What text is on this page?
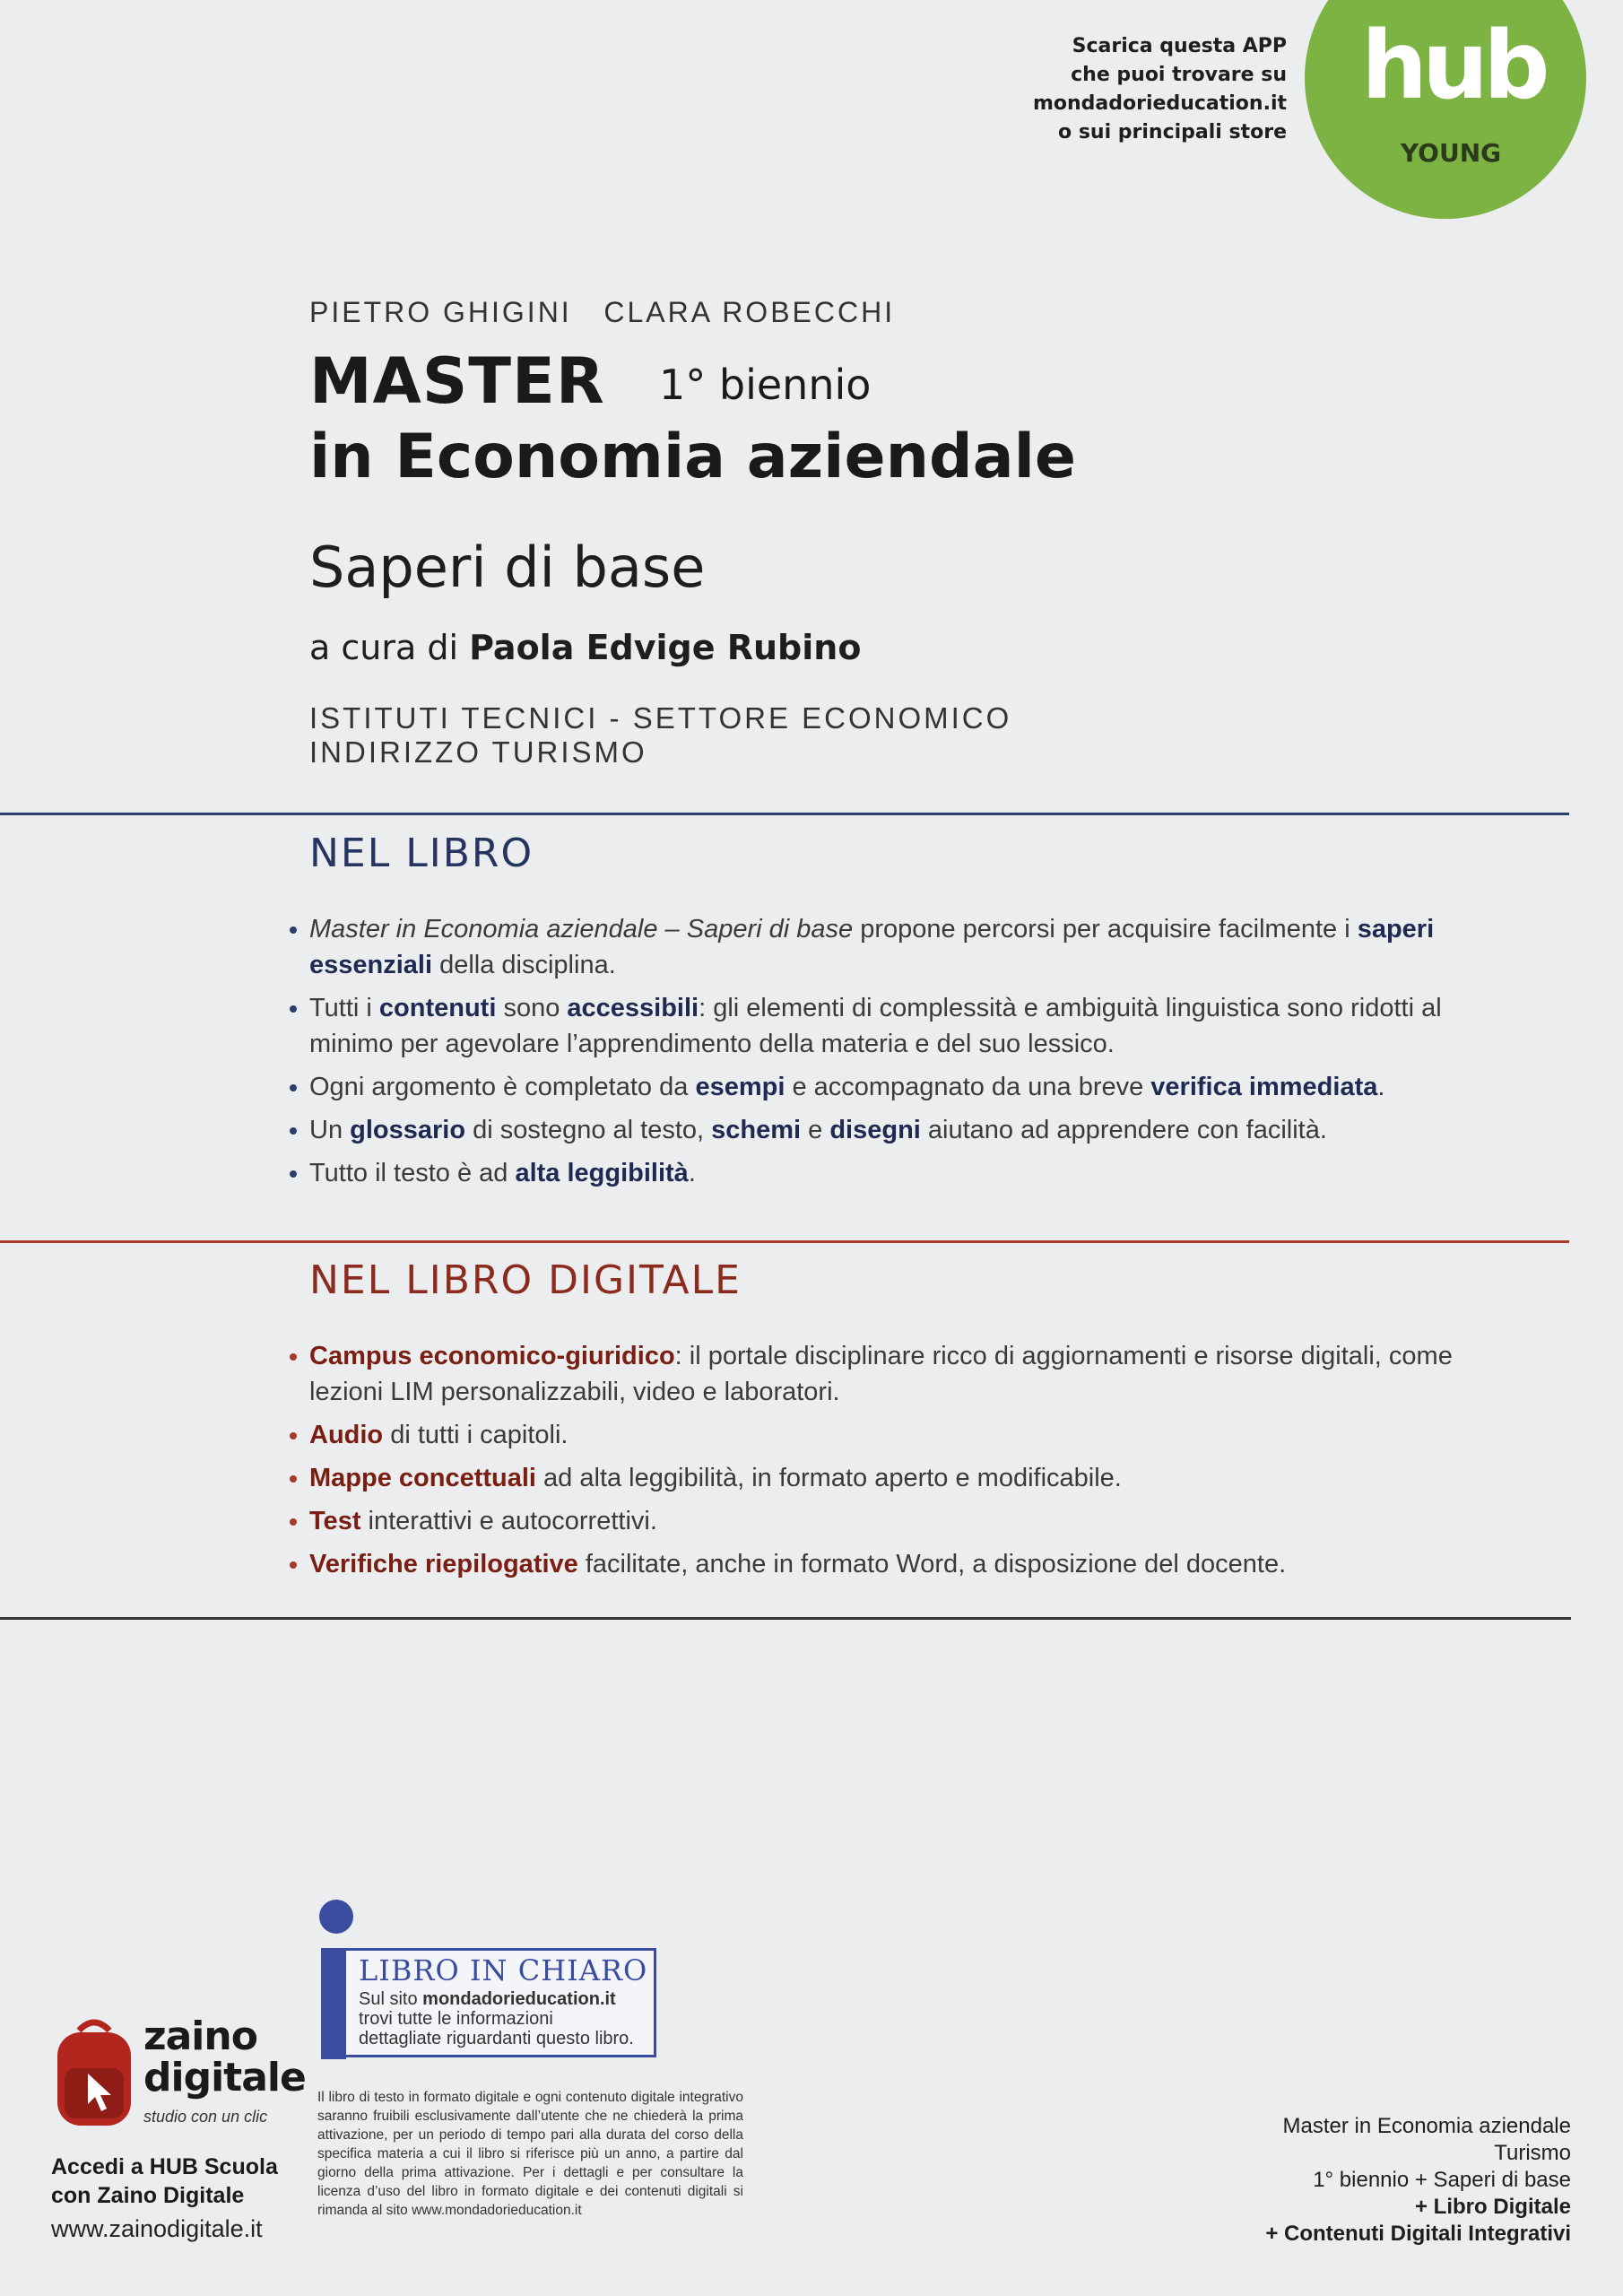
Scarica questa APP
che puoi trovare su
mondadorieducation.it
o sui principali store
hub
YOUNG
PIETRO GHIGINI   CLARA ROBECCHI
MASTER 1° biennio
in Economia aziendale
Saperi di base
a cura di Paola Edvige Rubino
ISTITUTI TECNICI - SETTORE ECONOMICO
INDIRIZZO TURISMO
NEL LIBRO
Master in Economia aziendale – Saperi di base propone percorsi per acquisire facilmente i saperi essenziali della disciplina.
Tutti i contenuti sono accessibili: gli elementi di complessità e ambiguità linguistica sono ridotti al minimo per agevolare l’apprendimento della materia e del suo lessico.
Ogni argomento è completato da esempi e accompagnato da una breve verifica immediata.
Un glossario di sostegno al testo, schemi e disegni aiutano ad apprendere con facilità.
Tutto il testo è ad alta leggibilità.
NEL LIBRO DIGITALE
Campus economico-giuridico: il portale disciplinare ricco di aggiornamenti e risorse digitali, come lezioni LIM personalizzabili, video e laboratori.
Audio di tutti i capitoli.
Mappe concettuali ad alta leggibilità, in formato aperto e modificabile.
Test interattivi e autocorrettivi.
Verifiche riepilogative facilitate, anche in formato Word, a disposizione del docente.
zaino
digitale
studio con un clic
Accedi a HUB Scuola
con Zaino Digitale
www.zainodigitale.it
LIBRO IN CHIARO
Sul sito mondadorieducation.it
trovi tutte le informazioni
dettagliate riguardanti questo libro.
Il libro di testo in formato digitale e ogni contenuto digitale integrativo saranno fruibili esclusivamente dall’utente che ne chiederà la prima attivazione, per un periodo di tempo pari alla durata del corso della specifica materia a cui il libro si riferisce più un anno, a partire dal giorno della prima attivazione. Per i dettagli e per consultare la licenza d’uso del libro in formato digitale e dei contenuti digitali si rimanda al sito www.mondadorieducation.it
Master in Economia aziendale
Turismo
1° biennio + Saperi di base
+ Libro Digitale
+ Contenuti Digitali Integrativi
